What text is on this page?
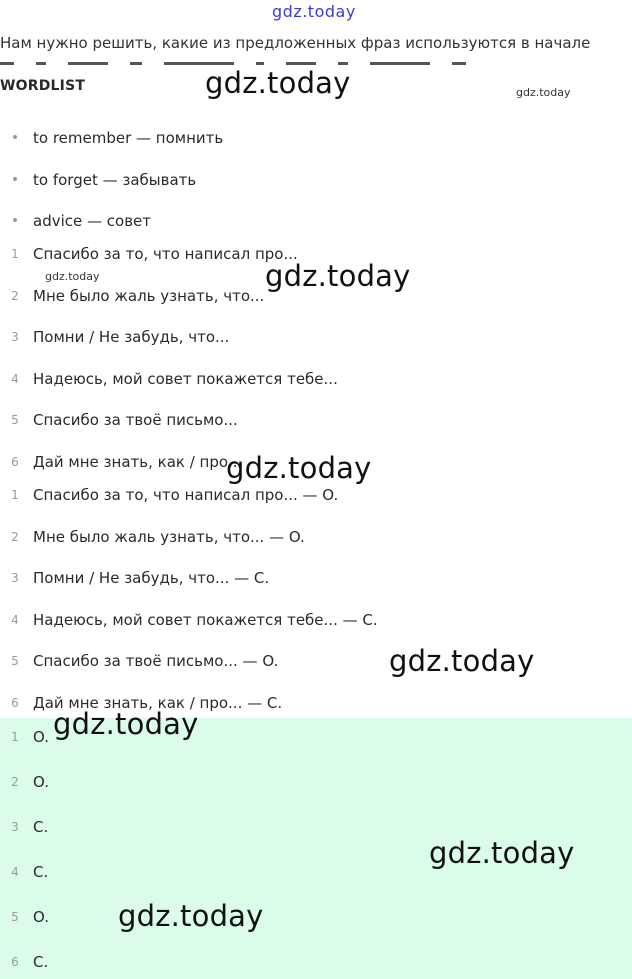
gdz.today
Нам нужно решить, какие из предложенных фраз используются в начале
WORDLIST
• to remember — помнить
• to forget — забывать
• advice — совет
1 Спасибо за то, что написал про...
2 Мне было жаль узнать, что...
3 Помни / Не забудь, что...
4 Надеюсь, мой совет покажется тебе...
5 Спасибо за твоё письмо...
6 Дай мне знать, как / про...
1 Спасибо за то, что написал про... — O.
2 Мне было жаль узнать, что... — O.
3 Помни / Не забудь, что... — C.
4 Надеюсь, мой совет покажется тебе... — C.
5 Спасибо за твоё письмо... — O.
6 Дай мне знать, как / про... — C.
1 O.
2 O.
3 C.
4 C.
5 O.
6 C.
gdz.today	gdz.today
gdz.today
gdz.today
gdz.today
gdz.today
gdz.today
gdz.today
gdz.today
